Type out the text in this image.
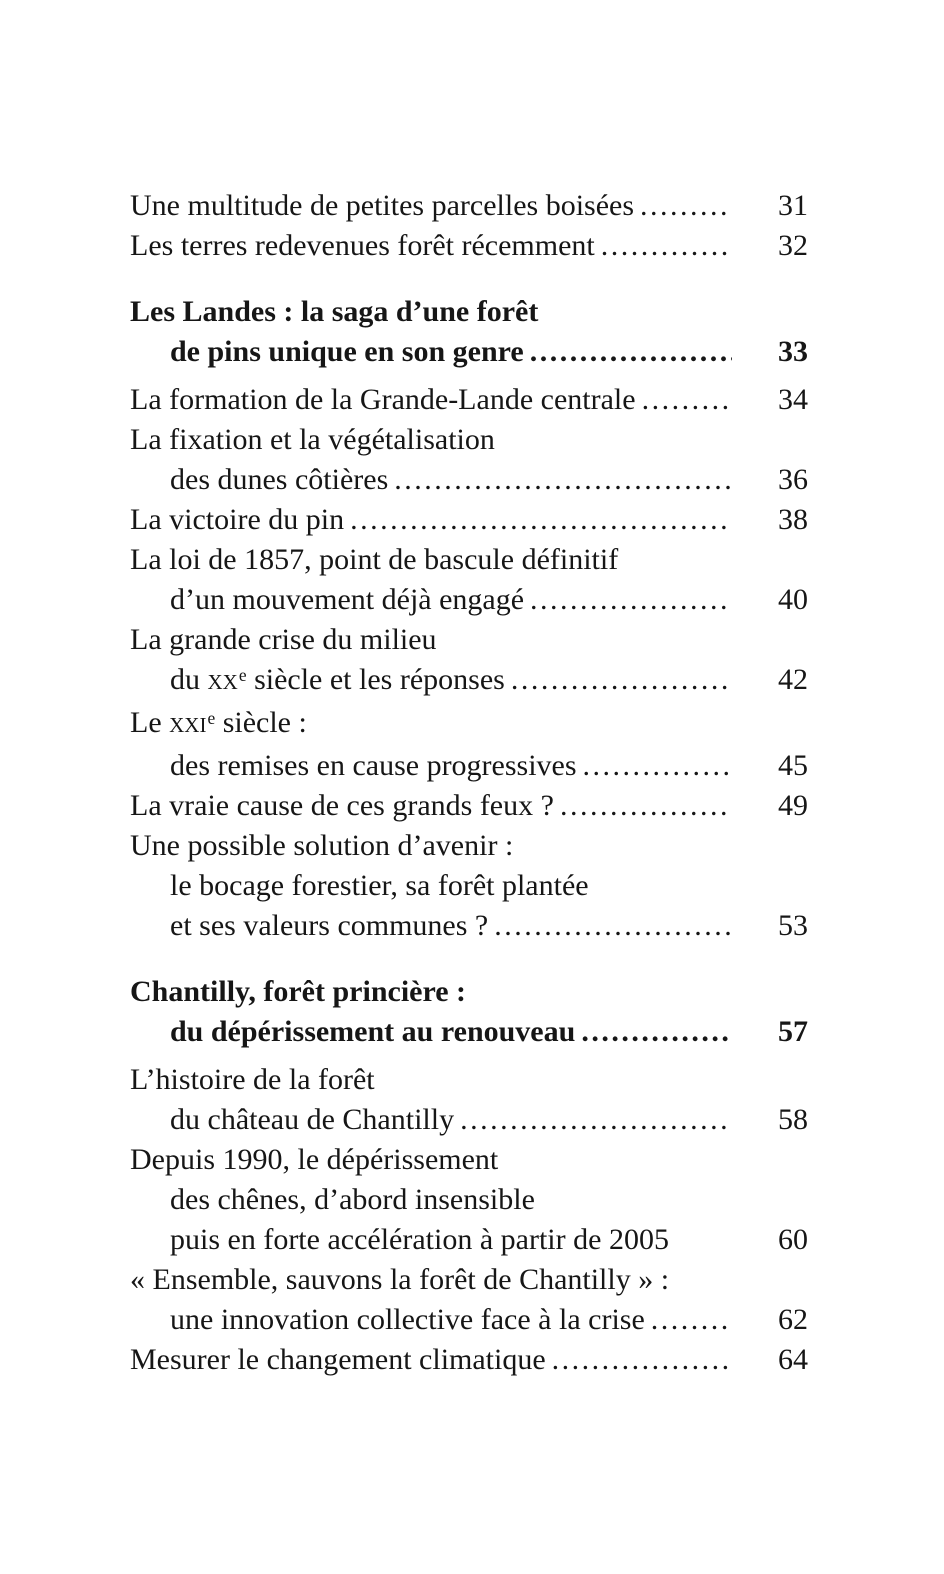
Une multitude de petites parcelles boisées .....	31
Les terres redevenues forêt récemment .....	32
Les Landes : la saga d’une forêt
de pins unique en son genre .....	33
La formation de la Grande-Lande centrale .....	34
La fixation et la végétalisation
des dunes côtières .....	36
La victoire du pin .....	38
La loi de 1857, point de bascule définitif
d’un mouvement déjà engagé .....	40
La grande crise du milieu
du $xx^e$ siècle et les réponses .....	42
Le xxi$^e$ siècle :
des remises en cause progressives .....	45
La vraie cause de ces grands feux ? .....	49
Une possible solution d’avenir :
le bocage forestier, sa forêt plantée
et ses valeurs communes ? .....	53
Chantilly, forêt princière :
du dépérissement au renouveau .....	57
L’histoire de la forêt
du château de Chantilly .....	58
Depuis 1990, le dépérissement
des chênes, d’abord insensible
puis en forte accélération à partir de 2005	60
« Ensemble, sauvons la forêt de Chantilly » :
une innovation collective face à la crise .....	62
Mesurer le changement climatique .....	64
